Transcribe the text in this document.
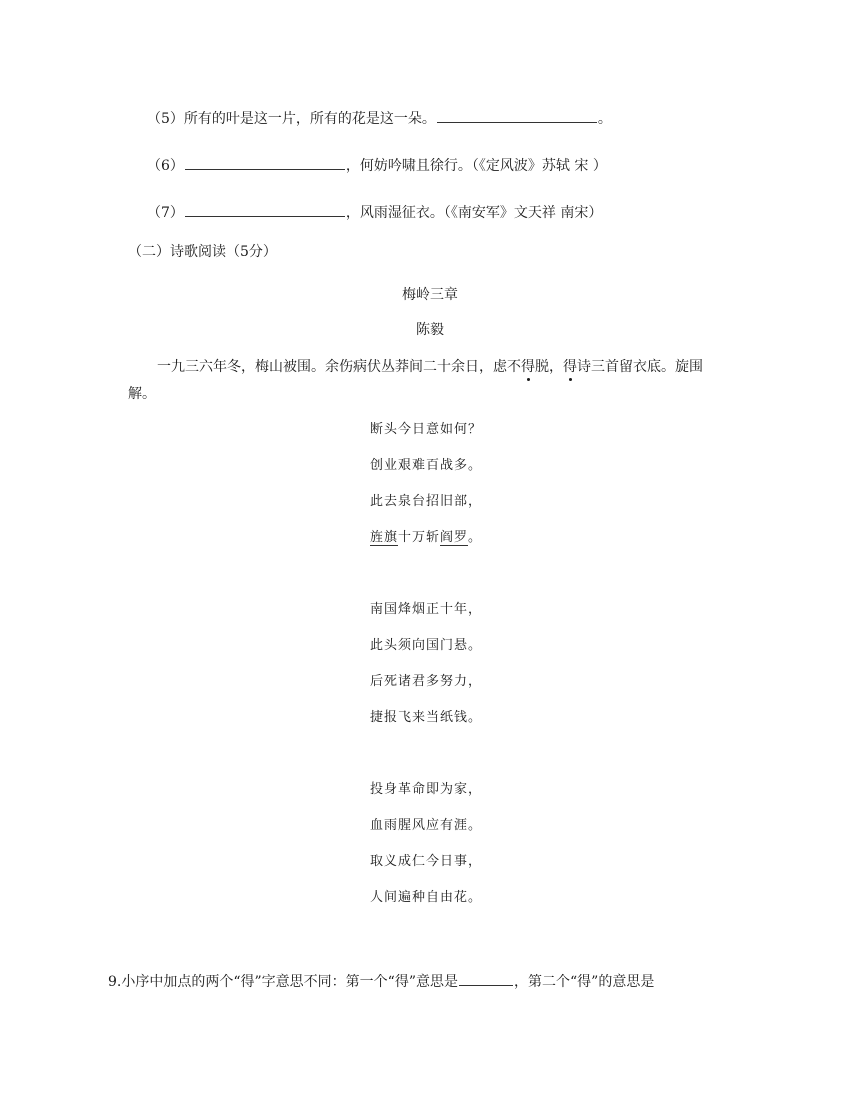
（5）所有的叶是这一片，所有的花是这一朵。	。
（6）	，何妨吟啸且徐行。（《定风波》苏轼 宋 ）
（7）	，风雨湿征衣。（《南安军》文天祥 南宋）
（二）诗歌阅读（5分）
梅岭三章
陈毅
一九三六年冬，梅山被围。余伤病伏丛莽间二十余日，虑不得脱，得诗三首留衣底。旋围
解。
断头今日意如何？
创业艰难百战多。
此去泉台招旧部，
旌旗十万斩阎罗。
南国烽烟正十年，
此头须向国门悬。
后死诸君多努力，
捷报飞来当纸钱。
投身革命即为家，
血雨腥风应有涯。
取义成仁今日事，
人间遍种自由花。
9.小序中加点的两个“得”字意思不同：第一个“得”意思是	，第二个“得”的意思是
